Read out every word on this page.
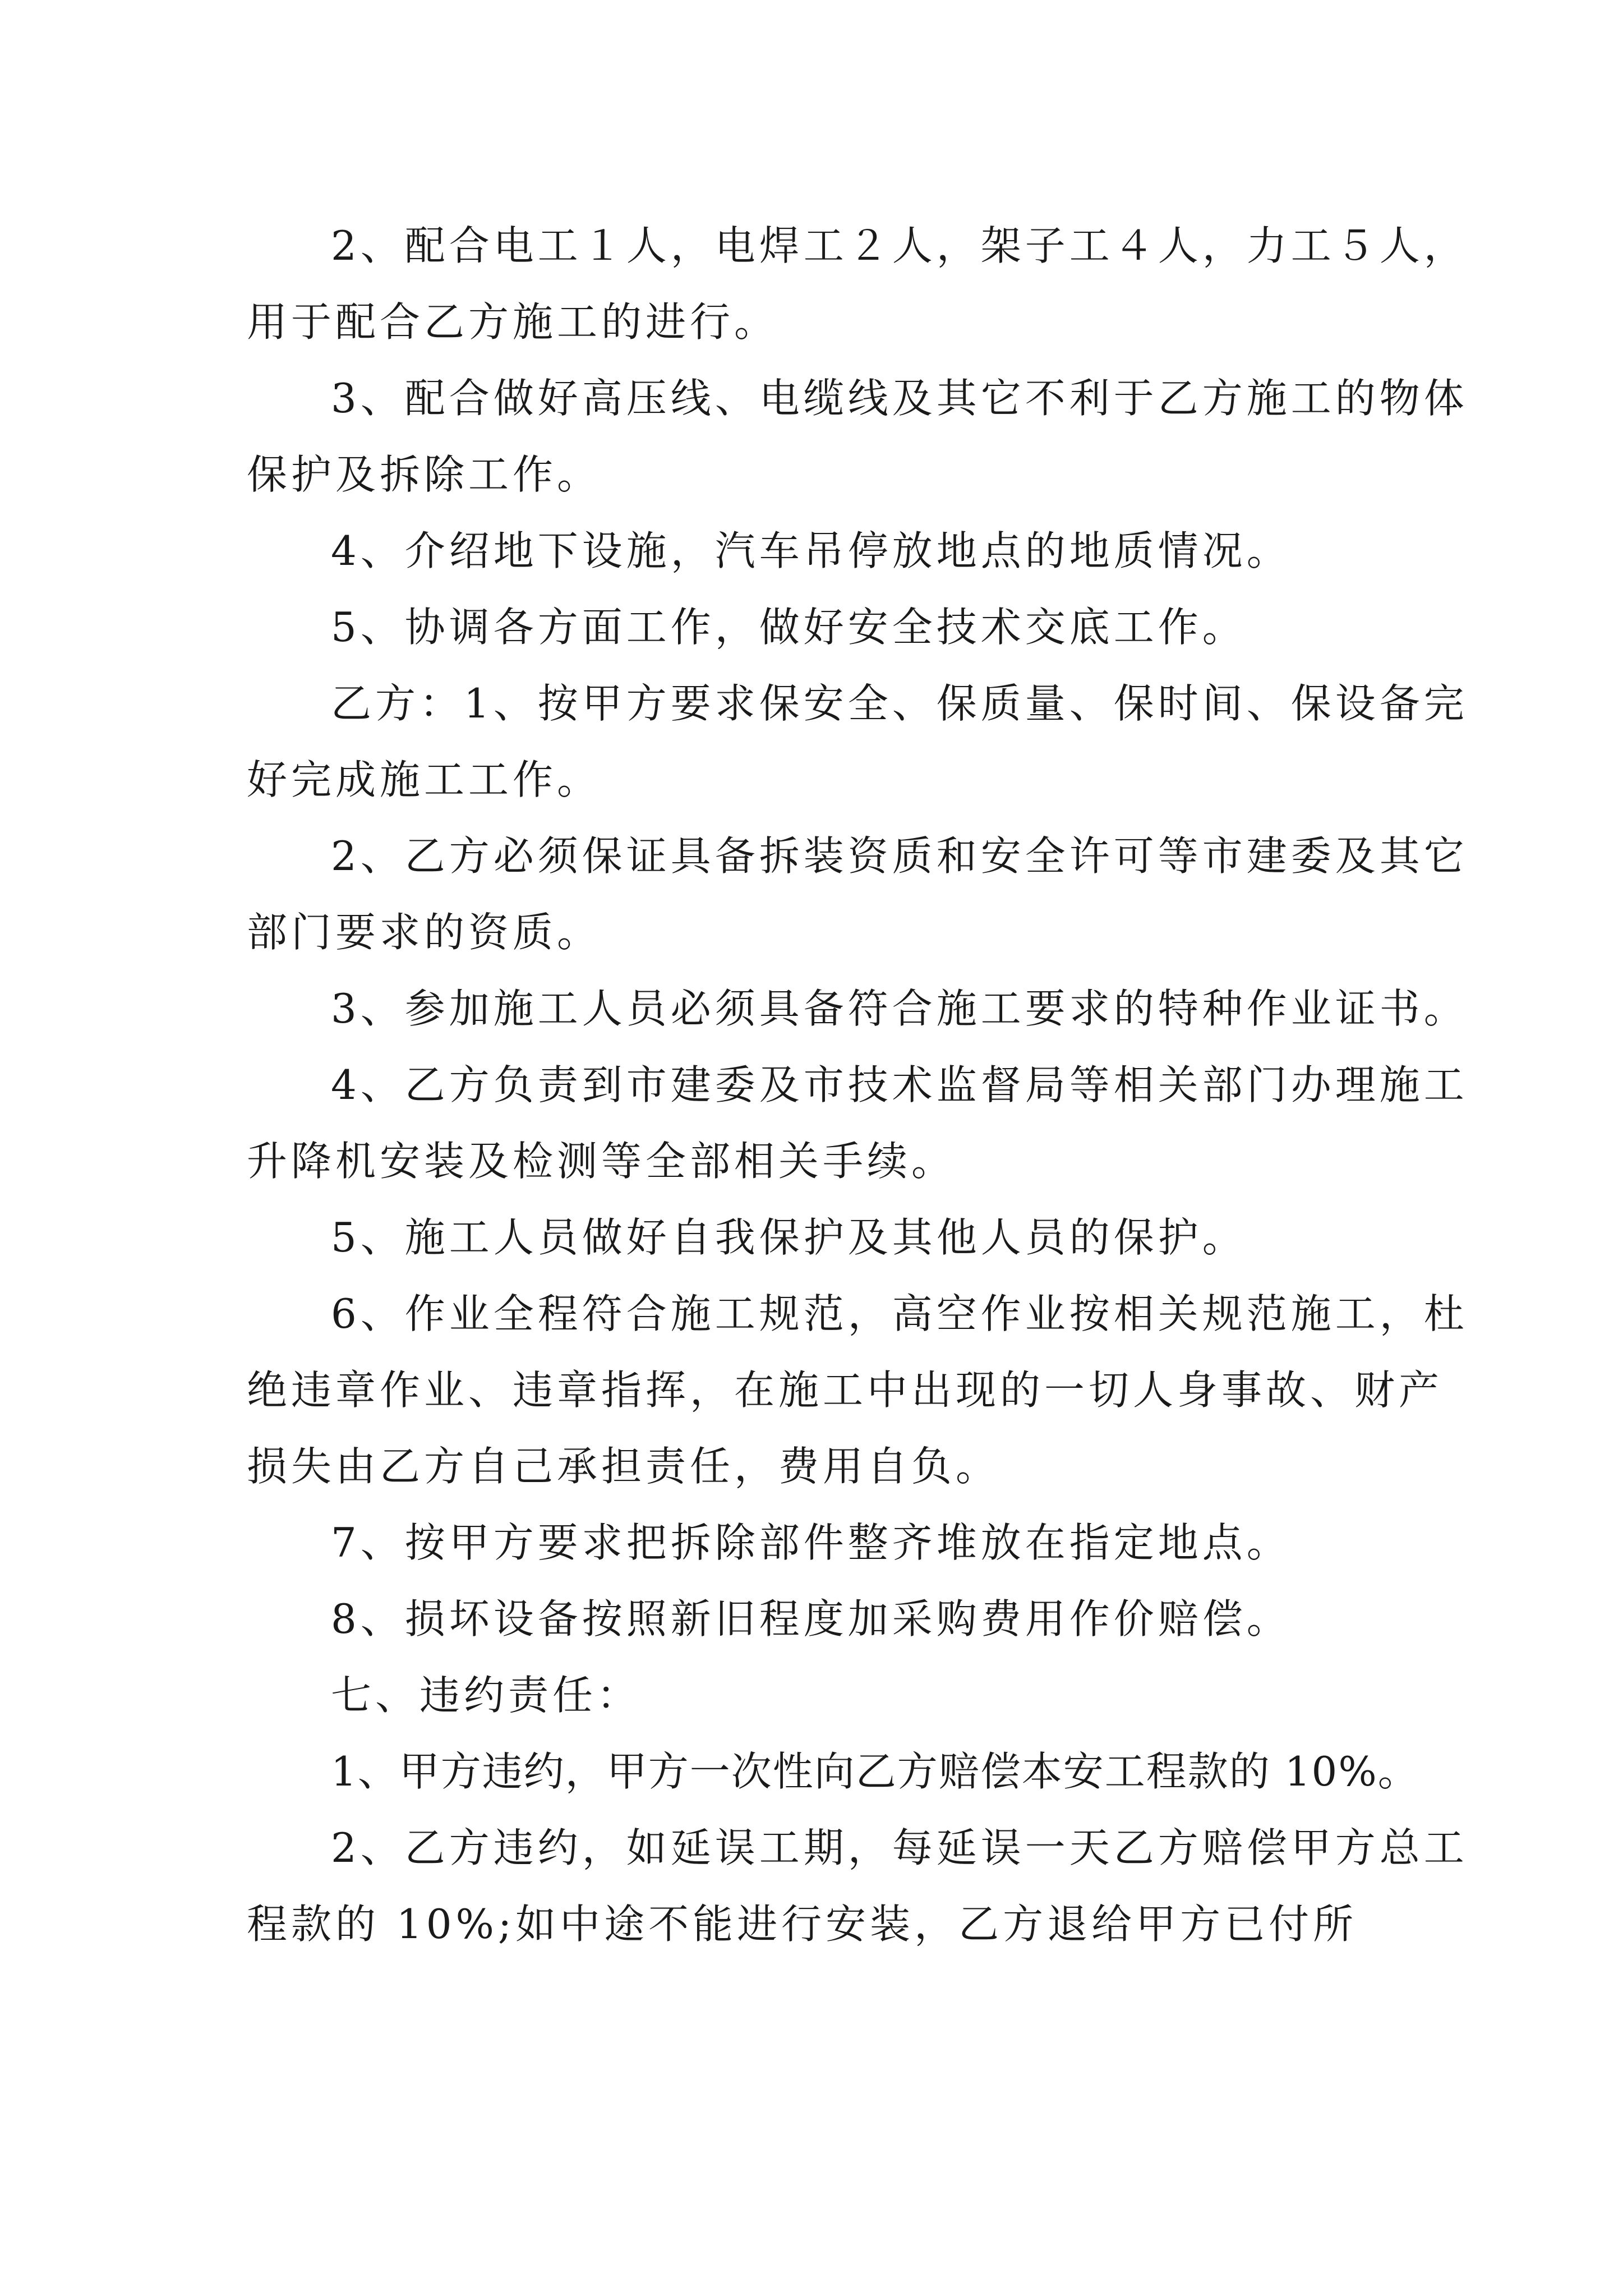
2、配合电工１人，电焊工２人，架子工４人，力工５人，用于配合乙方施工的进行。

3、配合做好高压线、电缆线及其它不利于乙方施工的物体保护及拆除工作。

4、介绍地下设施，汽车吊停放地点的地质情况。

5、协调各方面工作，做好安全技术交底工作。

乙方：1、按甲方要求保安全、保质量、保时间、保设备完好完成施工工作。

2、乙方必须保证具备拆装资质和安全许可等市建委及其它部门要求的资质。

3、参加施工人员必须具备符合施工要求的特种作业证书。

4、乙方负责到市建委及市技术监督局等相关部门办理施工升降机安装及检测等全部相关手续。

5、施工人员做好自我保护及其他人员的保护。

6、作业全程符合施工规范，高空作业按相关规范施工，杜绝违章作业、违章指挥，在施工中出现的一切人身事故、财产损失由乙方自己承担责任，费用自负。

7、按甲方要求把拆除部件整齐堆放在指定地点。

8、损坏设备按照新旧程度加采购费用作价赔偿。

七、违约责任：

1、甲方违约，甲方一次性向乙方赔偿本安工程款的 10%。

2、乙方违约，如延误工期，每延误一天乙方赔偿甲方总工程款的 10%;如中途不能进行安装，乙方退给甲方已付所
